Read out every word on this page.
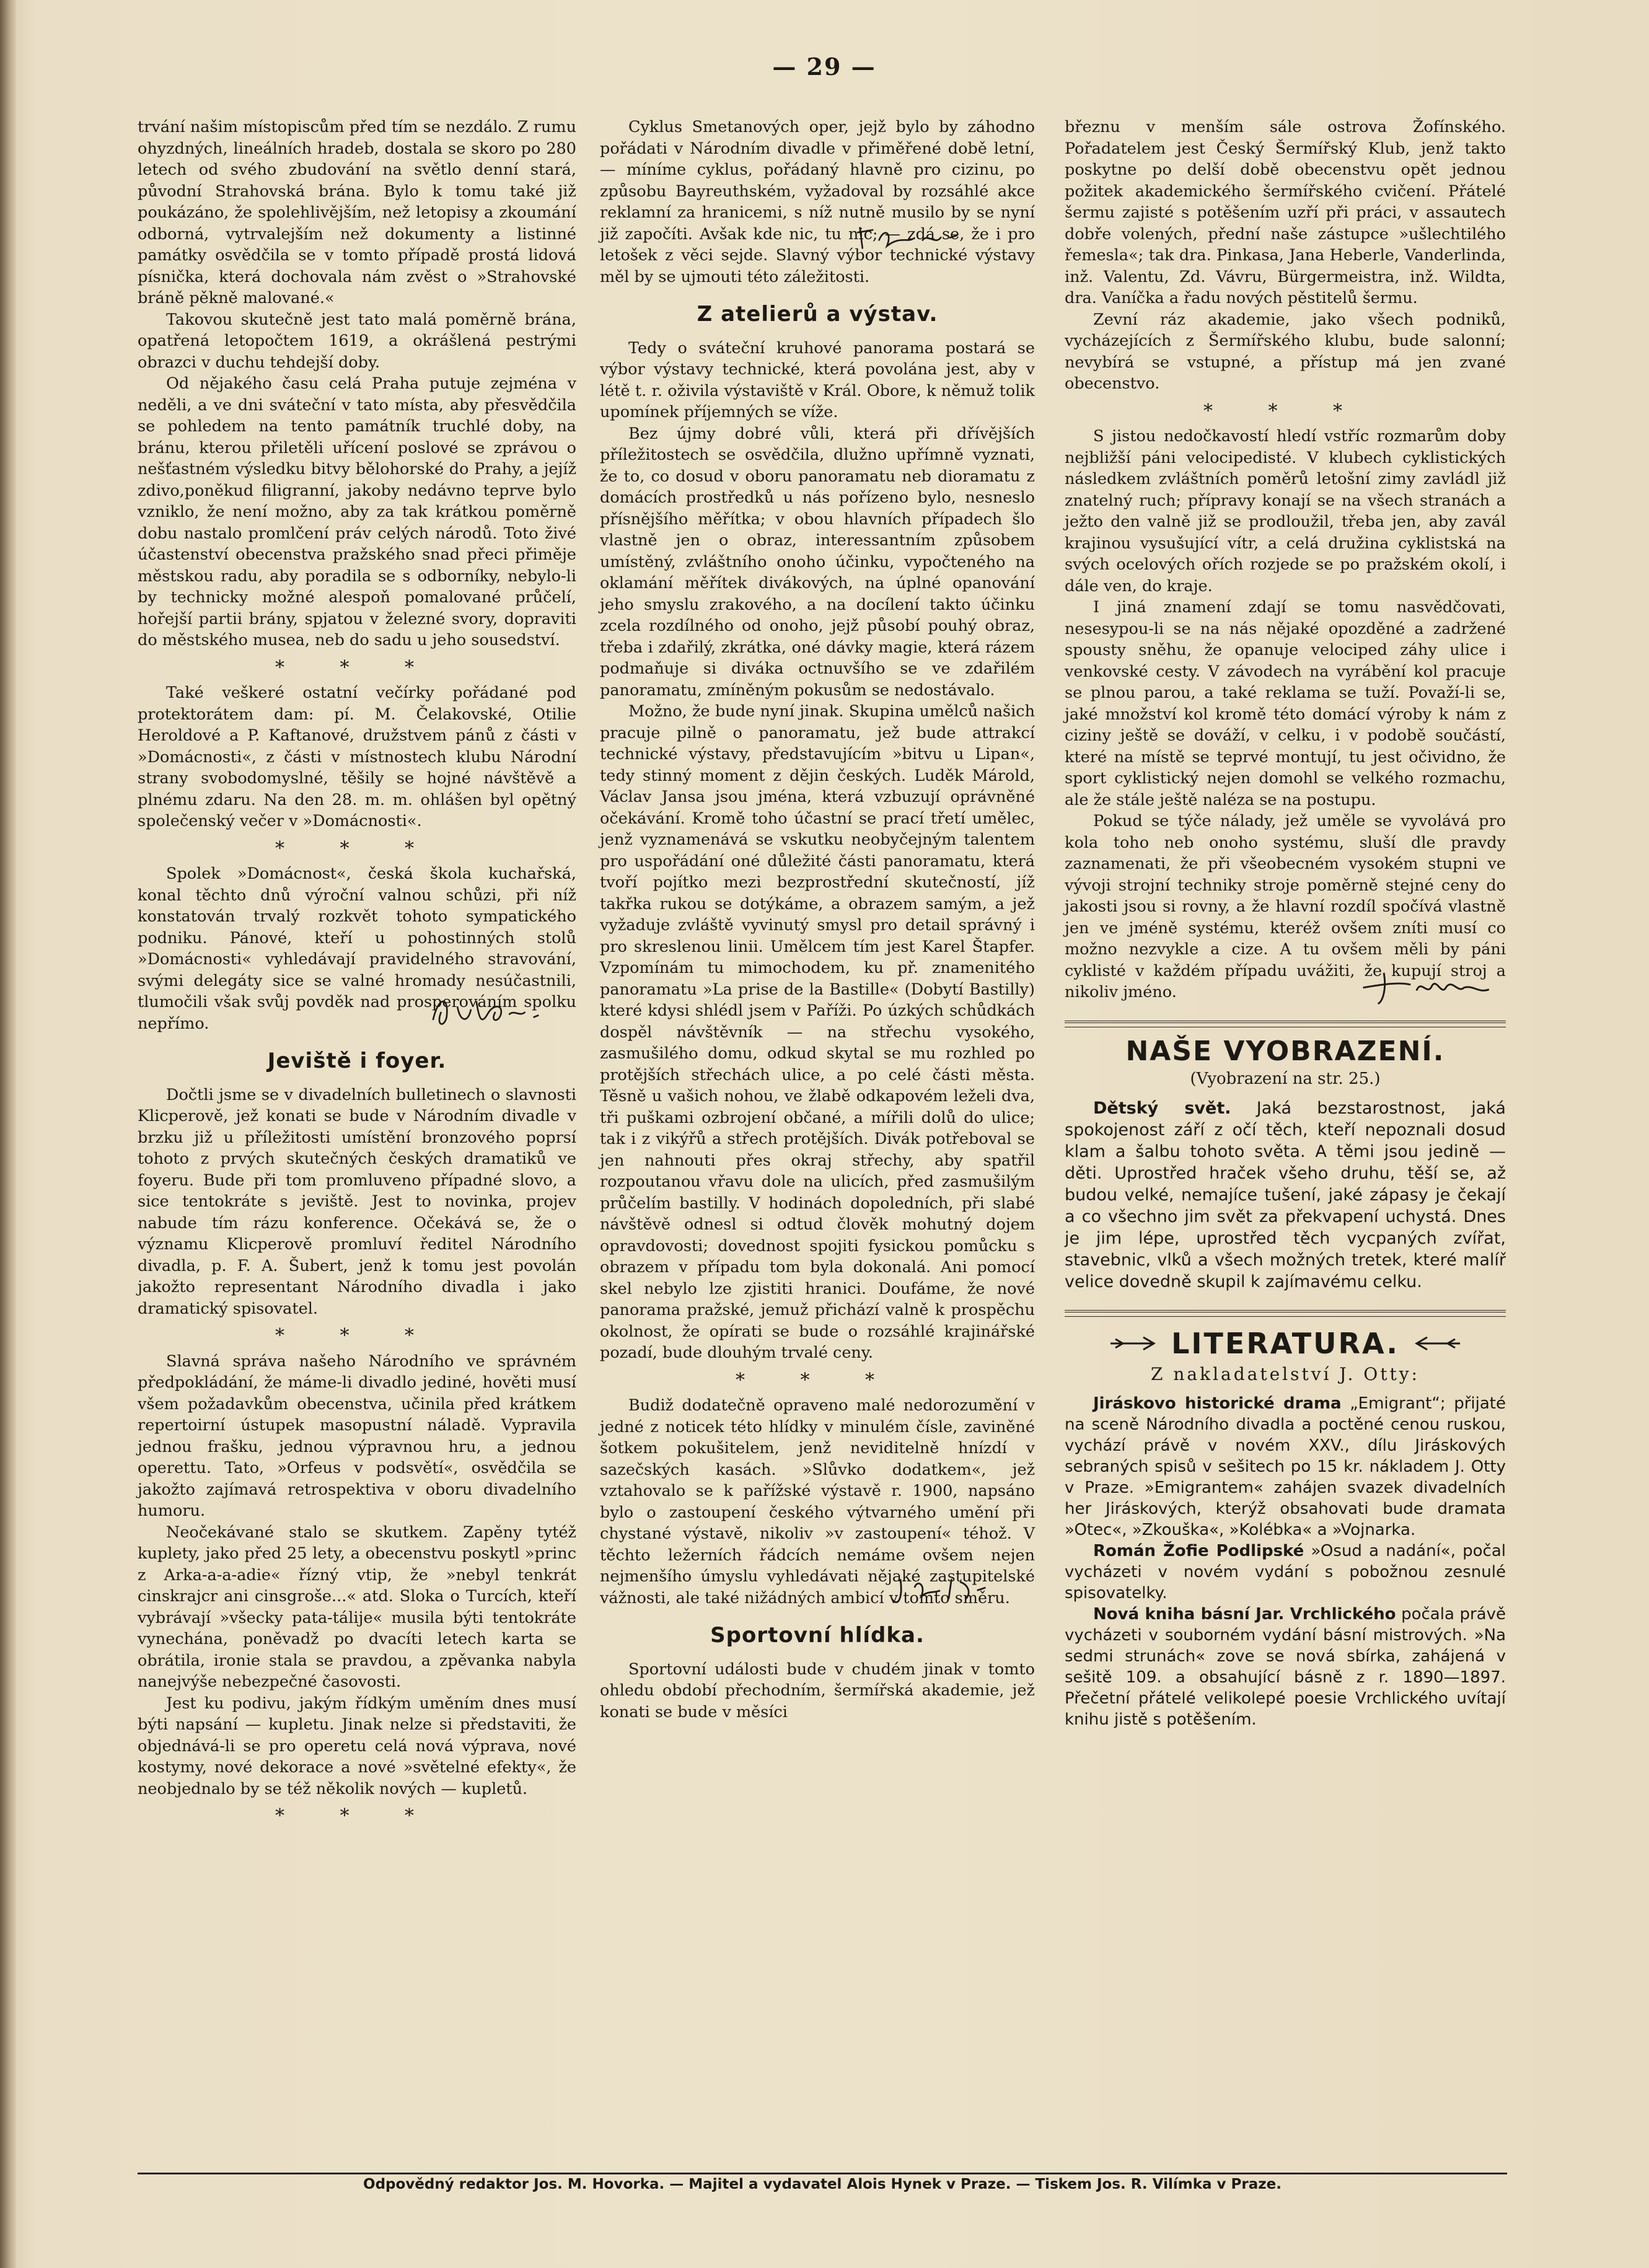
— 29 —

trvání našim místopiscům před tím se nezdálo. Z rumu ohyzdných, lineálních hradeb, dostala se skoro po 280 letech od svého zbudování na světlo denní stará, původní Strahovská brána. Bylo k tomu také již poukázáno, že spolehlivějším, než letopisy a zkoumání odborná, vytrvalejším než dokumenty a listinné památky osvědčila se v tomto případě prostá lidová písnička, která dochovala nám zvěst o »Strahovské bráně pěkně malované.«

Takovou skutečně jest tato malá poměrně brána, opatřená letopočtem 1619, a okrášlená pestrými obrazci v duchu tehdejší doby.

Od nějakého času celá Praha putuje zejména v neděli, a ve dni sváteční v tato místa, aby přesvědčila se pohledem na tento památník truchlé doby, na bránu, kterou přiletěli uřícení poslové se zprávou o nešťastném výsledku bitvy bělohorské do Prahy, a jejíž zdivo,poněkud filigranní, jakoby nedávno teprve bylo vzniklo, že není možno, aby za tak krátkou poměrně dobu nastalo promlčení práv celých národů. Toto živé účastenství obecenstva pražského snad přeci přiměje městskou radu, aby poradila se s odborníky, nebylo-li by technicky možné alespoň pomalované průčelí, hořejší partii brány, spjatou v železné svory, dopraviti do městského musea, neb do sadu u jeho sousedství.

* * *

Také veškeré ostatní večírky pořádané pod protektorátem dam: pí. M. Čelakovské, Otilie Heroldové a P. Kaftanové, družstvem pánů z části v »Domácnosti«, z části v místnostech klubu Národní strany svobodomyslné, těšily se hojné návštěvě a plnému zdaru. Na den 28. m. m. ohlášen byl opětný společenský večer v »Domácnosti«.

* * *

Spolek »Domácnost«, česká škola kuchařská, konal těchto dnů výroční valnou schůzi, při níž konstatován trvalý rozkvět tohoto sympatického podniku. Pánové, kteří u pohostinných stolů »Domácnosti« vyhledávají pravidelného stravování, svými delegáty sice se valné hromady nesúčastnili, tlumočili však svůj povděk nad prosperováním spolku nepřímo.

Jeviště i foyer.

Dočtli jsme se v divadelních bulletinech o slavnosti Klicperově, jež konati se bude v Národním divadle v brzku již u příležitosti umístění bronzového poprsí tohoto z prvých skutečných českých dramatiků ve foyeru. Bude při tom promluveno případné slovo, a sice tentokráte s jeviště. Jest to novinka, projev nabude tím rázu konference. Očekává se, že o významu Klicperově promluví ředitel Národního divadla, p. F. A. Šubert, jenž k tomu jest povolán jakožto representant Národního divadla i jako dramatický spisovatel.

* * *

Slavná správa našeho Národního ve správném předpokládání, že máme-li divadlo jediné, hověti musí všem požadavkům obecenstva, učinila před krátkem repertoirní ústupek masopustní náladě. Vypravila jednou frašku, jednou výpravnou hru, a jednou operettu. Tato, »Orfeus v podsvětí«, osvědčila se jakožto zajímavá retrospektiva v oboru divadelního humoru.

Neočekávané stalo se skutkem. Zapěny tytéž kuplety, jako před 25 lety, a obecenstvu poskytl »princ z Arka-a-a-adie« řízný vtip, že »nebyl tenkrát cinskrajcr ani cinsgroše...« atd. Sloka o Turcích, kteří vybrávají »všecky pata-tálije« musila býti tentokráte vynechána, poněvadž po dvacíti letech karta se obrátila, ironie stala se pravdou, a zpěvanka nabyla nanejvýše nebezpečné časovosti.

Jest ku podivu, jakým řídkým uměním dnes musí býti napsání — kupletu. Jinak nelze si představiti, že objednává-li se pro operetu celá nová výprava, nové kostymy, nové dekorace a nové »světelné efekty«, že neobjednalo by se též několik nových — kupletů.

* * *

Cyklus Smetanových oper, jejž bylo by záhodno pořádati v Národním divadle v přiměřené době letní, — míníme cyklus, pořádaný hlavně pro cizinu, po způsobu Bayreuthském, vyžadoval by rozsáhlé akce reklamní za hranicemi, s níž nutně musilo by se nyní již započíti. Avšak kde nic, tu nic; — zdá se, že i pro letošek z věci sejde. Slavný výbor technické výstavy měl by se ujmouti této záležitosti.

Z atelierů a výstav.

Tedy o sváteční kruhové panorama postará se výbor výstavy technické, která povolána jest, aby v létě t. r. oživila výstaviště v Král. Obore, k němuž tolik upomínek příjemných se víže.

Bez újmy dobré vůli, která při dřívějších příležitostech se osvědčila, dlužno upřímně vyznati, že to, co dosud v oboru panoramatu neb dioramatu z domácích prostředků u nás pořízeno bylo, nesneslo přísnějšího měřítka; v obou hlavních případech šlo vlastně jen o obraz, interessantním způsobem umístěný, zvláštního onoho účinku, vypočteného na oklamání měřítek divákových, na úplné opanování jeho smyslu zrakového, a na docílení takto účinku zcela rozdílného od onoho, jejž působí pouhý obraz, třeba i zdařilý, zkrátka, oné dávky magie, která rázem podmaňuje si diváka octnuvšího se ve zdařilém panoramatu, zmíněným pokusům se nedostávalo.

Možno, že bude nyní jinak. Skupina umělců našich pracuje pilně o panoramatu, jež bude attrakcí technické výstavy, představujícím »bitvu u Lipan«, tedy stinný moment z dějin českých. Luděk Márold, Václav Jansa jsou jména, která vzbuzují oprávněné očekávání. Kromě toho účastní se prací třetí umělec, jenž vyznamenává se vskutku neobyčejným talentem pro uspořádání oné důležité části panoramatu, která tvoří pojítko mezi bezprostřední skutečností, jíž takřka rukou se dotýkáme, a obrazem samým, a jež vyžaduje zvláště vyvinutý smysl pro detail správný i pro skreslenou linii. Umělcem tím jest Karel Štapfer. Vzpomínám tu mimochodem, ku př. znamenitého panoramatu »La prise de la Bastille« (Dobytí Bastilly) které kdysi shlédl jsem v Paříži. Po úzkých schůdkách dospěl návštěvník — na střechu vysokého, zasmušilého domu, odkud skytal se mu rozhled po protějších střechách ulice, a po celé části města. Těsně u vašich nohou, ve žlabě odkapovém leželi dva, tři puškami ozbrojení občané, a mířili dolů do ulice; tak i z vikýřů a střech protějších. Divák potřeboval se jen nahnouti přes okraj střechy, aby spatřil rozpoutanou vřavu dole na ulicích, před zasmušilým průčelím bastilly. V hodinách dopoledních, při slabé návštěvě odnesl si odtud člověk mohutný dojem opravdovosti; dovednost spojiti fysickou pomůcku s obrazem v případu tom byla dokonalá. Ani pomocí skel nebylo lze zjistiti hranici. Doufáme, že nové panorama pražské, jemuž přichází valně k prospěchu okolnost, že opírati se bude o rozsáhlé krajinářské pozadí, bude dlouhým trvalé ceny.

* * *

Budiž dodatečně opraveno malé nedorozumění v jedné z noticek této hlídky v minulém čísle, zaviněné šotkem pokušitelem, jenž neviditelně hnízdí v sazečských kasách. »Slůvko dodatkem«, jež vztahovalo se k pařížské výstavě r. 1900, napsáno bylo o zastoupení českého výtvarného umění při chystané výstavě, nikoliv »v zastoupení« téhož. V těchto ležerních řádcích nemáme ovšem nejen nejmenšího úmyslu vyhledávati nějaké zastupitelské vážnosti, ale také nižádných ambicí v tomto směru.

Sportovní hlídka.

Sportovní události bude v chudém jinak v tomto ohledu období přechodním, šermířská akademie, jež konati se bude v měsíci

březnu v menším sále ostrova Žofínského. Pořadatelem jest Český Šermířský Klub, jenž takto poskytne po delší době obecenstvu opět jednou požitek akademického šermířského cvičení. Přátelé šermu zajisté s potěšením uzří při práci, v assautech dobře volených, přední naše zástupce »ušlechtilého řemesla«; tak dra. Pinkasa, Jana Heberle, Vanderlinda, inž. Valentu, Zd. Vávru, Bürgermeistra, inž. Wildta, dra. Vaníčka a řadu nových pěstitelů šermu.

Zevní ráz akademie, jako všech podniků, vycházejících z Šermířského klubu, bude salonní; nevybírá se vstupné, a přístup má jen zvané obecenstvo.

* * *

S jistou nedočkavostí hledí vstříc rozmarům doby nejbližší páni velocipedisté. V klubech cyklistických následkem zvláštních poměrů letošní zimy zavládl již znatelný ruch; přípravy konají se na všech stranách a ježto den valně již se prodloužil, třeba jen, aby zavál krajinou vysušující vítr, a celá družina cyklistská na svých ocelových ořích rozjede se po pražském okolí, i dále ven, do kraje.

I jiná znamení zdají se tomu nasvědčovati, nesesypou-li se na nás nějaké opozděné a zadržené spousty sněhu, že opanuje velociped záhy ulice i venkovské cesty. V závodech na vyrábění kol pracuje se plnou parou, a také reklama se tuží. Považí-li se, jaké množství kol kromě této domácí výroby k nám z ciziny ještě se dováží, v celku, i v podobě součástí, které na místě se teprvé montují, tu jest očividno, že sport cyklistický nejen domohl se velkého rozmachu, ale že stále ještě naléza se na postupu.

Pokud se týče nálady, jež uměle se vyvolává pro kola toho neb onoho systému, sluší dle pravdy zaznamenati, že při všeobecném vysokém stupni ve vývoji strojní techniky stroje poměrně stejné ceny do jakosti jsou si rovny, a že hlavní rozdíl spočívá vlastně jen ve jméně systému, kteréž ovšem zníti musí co možno nezvykle a cize. A tu ovšem měli by páni cyklisté v každém případu uvážiti, že kupují stroj a nikoliv jméno.

NAŠE VYOBRAZENÍ.
(Vyobrazení na str. 25.)

Dětský svět. Jaká bezstarostnost, jaká spokojenost září z očí těch, kteří nepoznali dosud klam a šalbu tohoto světa. A těmi jsou jedině — děti. Uprostřed hraček všeho druhu, těší se, až budou velké, nemajíce tušení, jaké zápasy je čekají a co všechno jim svět za překvapení uchystá. Dnes je jim lépe, uprostřed těch vycpaných zvířat, stavebnic, vlků a všech možných tretek, které malíř velice dovedně skupil k zajímavému celku.

LITERATURA.
Z nakladatelství J. Otty:

Jiráskovo historické drama „Emigrant“; přijaté na sceně Národního divadla a poctěné cenou ruskou, vychází právě v novém XXV., dílu Jiráskových sebraných spisů v sešitech po 15 kr. nákladem J. Otty v Praze. »Emigrantem« zahájen svazek divadelních her Jiráskových, kterýž obsahovati bude dramata »Otec«, »Zkouška«, »Kolébka« a »Vojnarka.

Román Žofie Podlipské »Osud a nadání«, počal vycházeti v novém vydání s pobožnou zesnulé spisovatelky.

Nová kniha básní Jar. Vrchlického počala právě vycházeti v souborném vydání básní mistrových. »Na sedmi strunách« zove se nová sbírka, zahájená v sešitě 109. a obsahující básně z r. 1890—1897. Přečetní přátelé velikolepé poesie Vrchlického uvítají knihu jistě s potěšením.

Odpovědný redaktor Jos. M. Hovorka. — Majitel a vydavatel Alois Hynek v Praze. — Tiskem Jos. R. Vilímka v Praze.
